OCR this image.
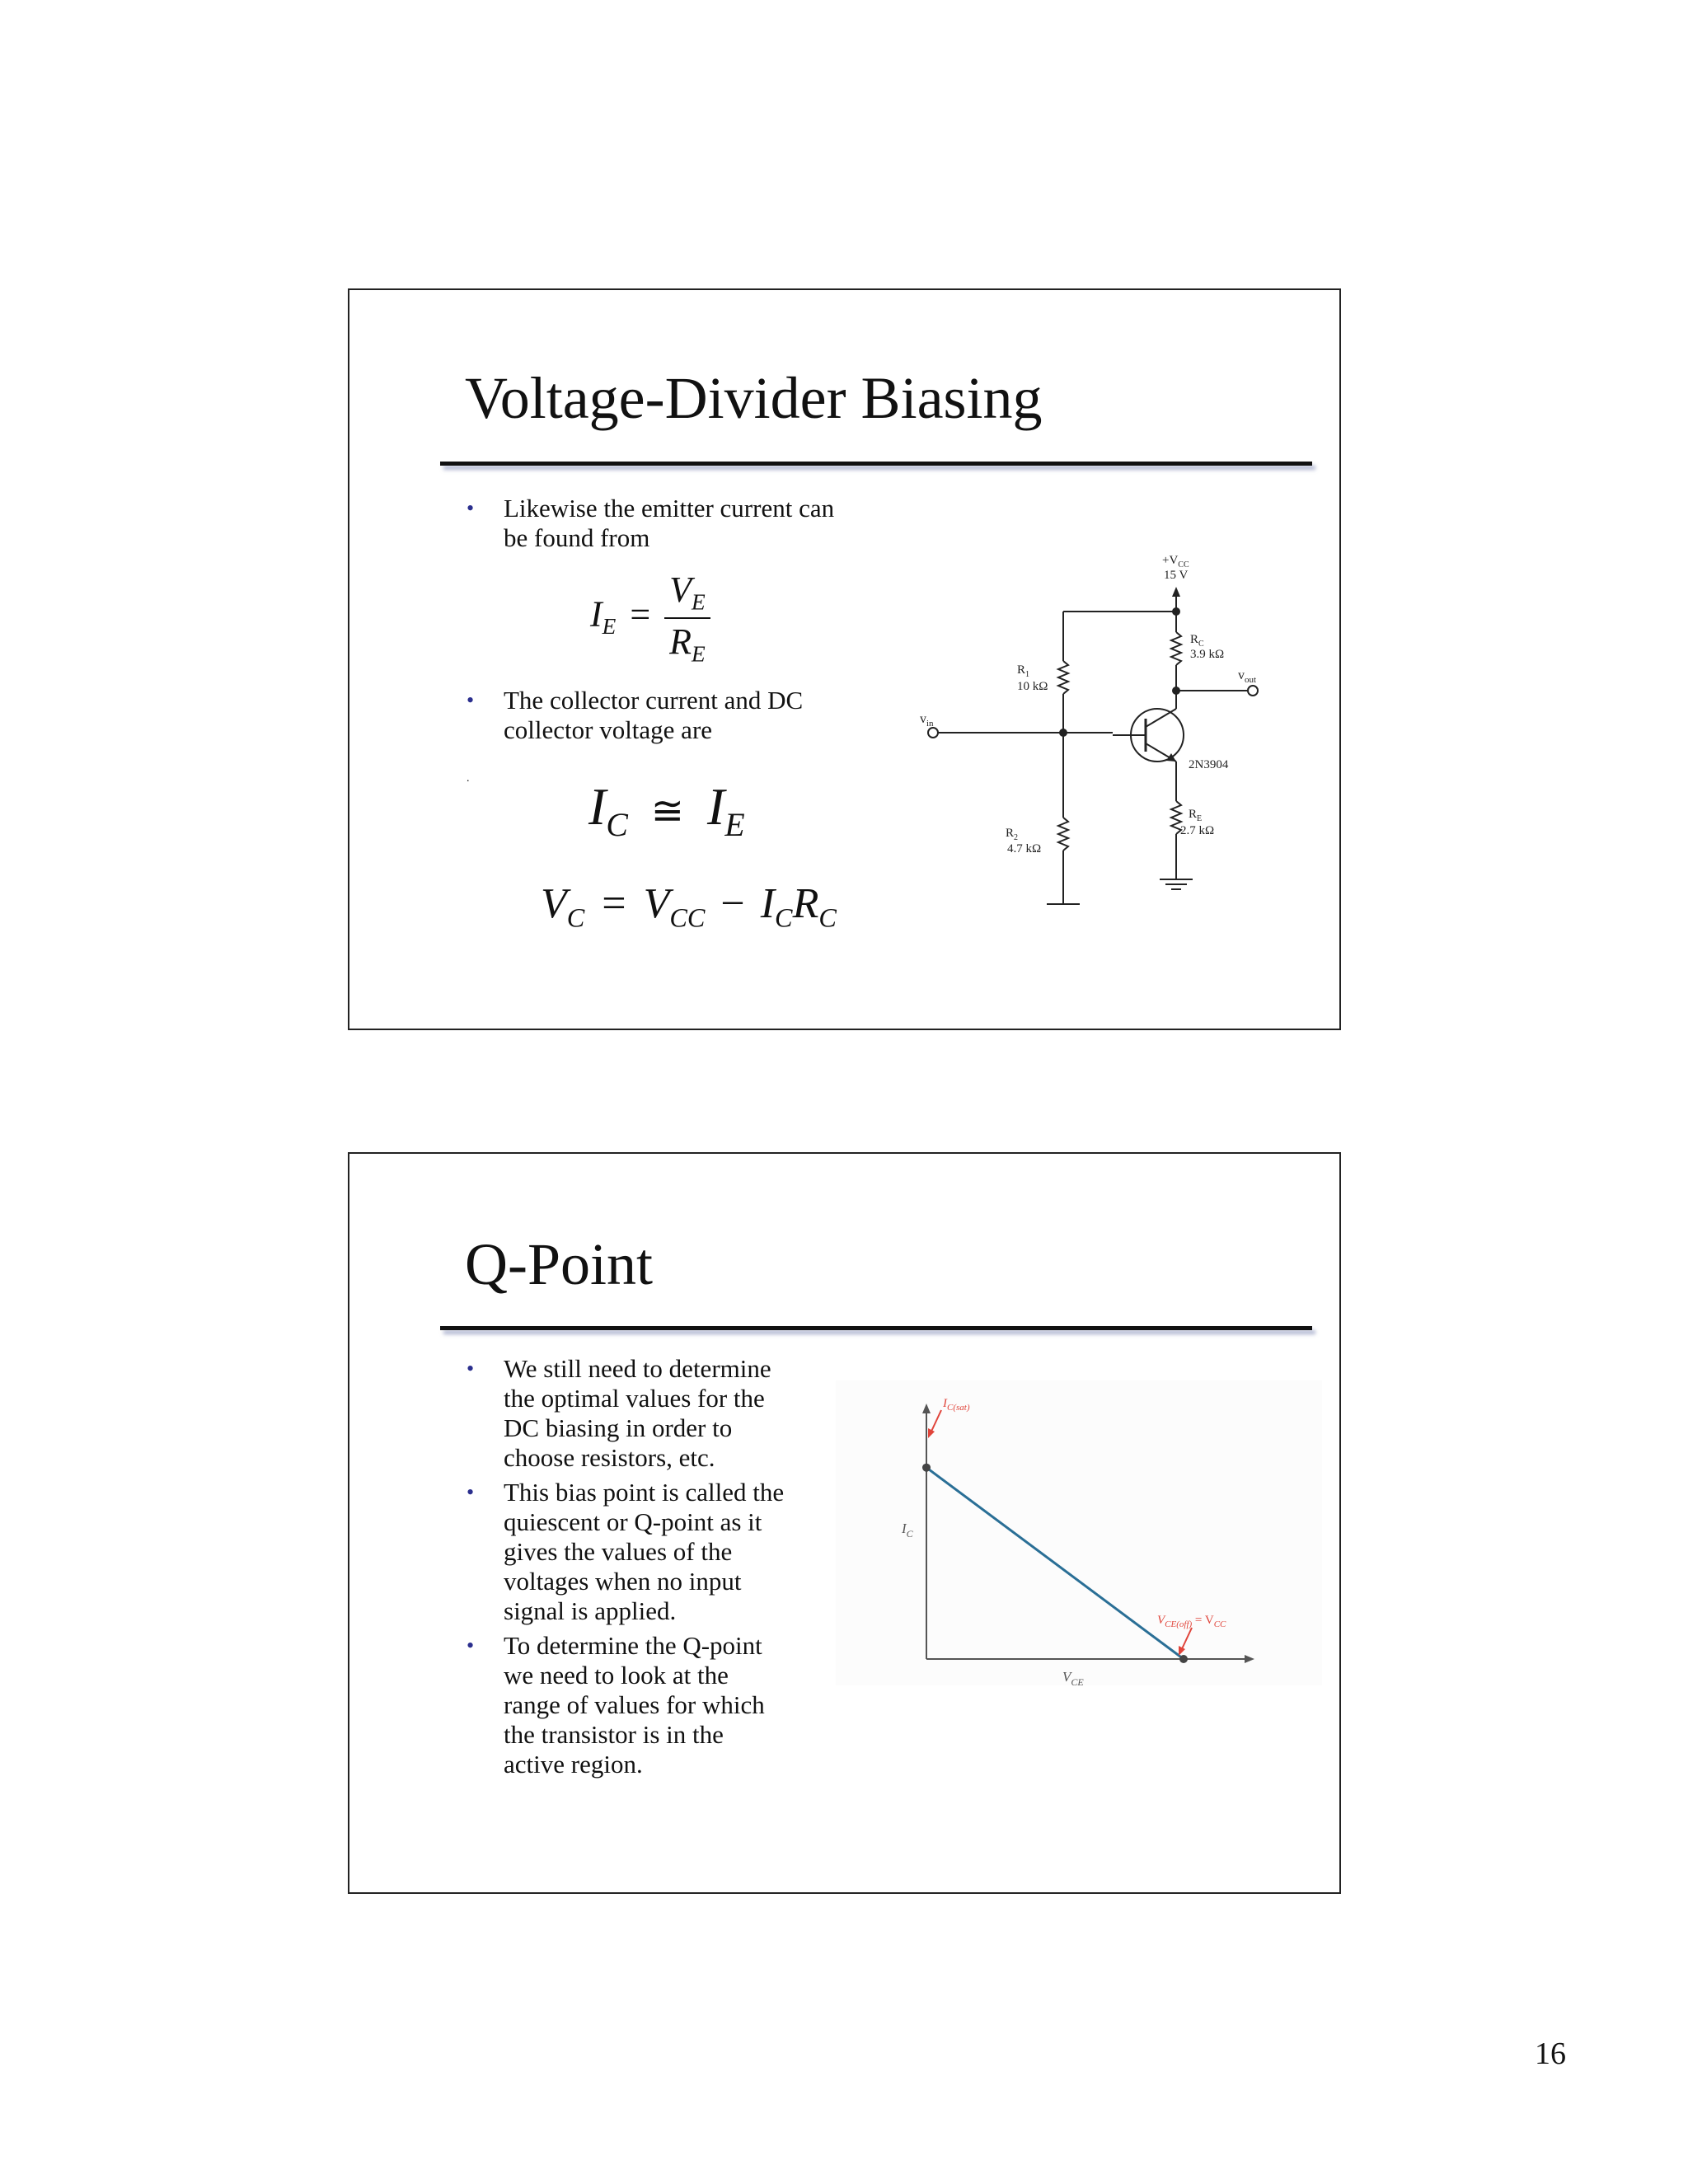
Voltage-Divider Biasing
• Likewise the emitter current can
be found from
$I_E = \frac{V_E}{R_E}$
• The collector current and DC
collector voltage are
. $I_C$ ≅ $I_E$
$V_C = V_{CC} - I_CR_C$
$+V_{CC}$
15 V
$R_C$
3.9 kΩ
$R_1$
10 kΩ
$R_2$
4.7 kΩ
$R_E$
2.7 kΩ
$v_{in}$
$v_{out}$
2N3904
Q-Point
• We still need to determine
the optimal values for the
DC biasing in order to
choose resistors, etc.
• This bias point is called the
quiescent or Q-point as it
gives the values of the
voltages when no input
signal is applied.
• To determine the Q-point
we need to look at the
range of values for which
the transistor is in the
active region.
$I_C$
$V_{CE}$
$I_{C(sat)}$
$V_{CE(off)} = V_{CC}$
16
